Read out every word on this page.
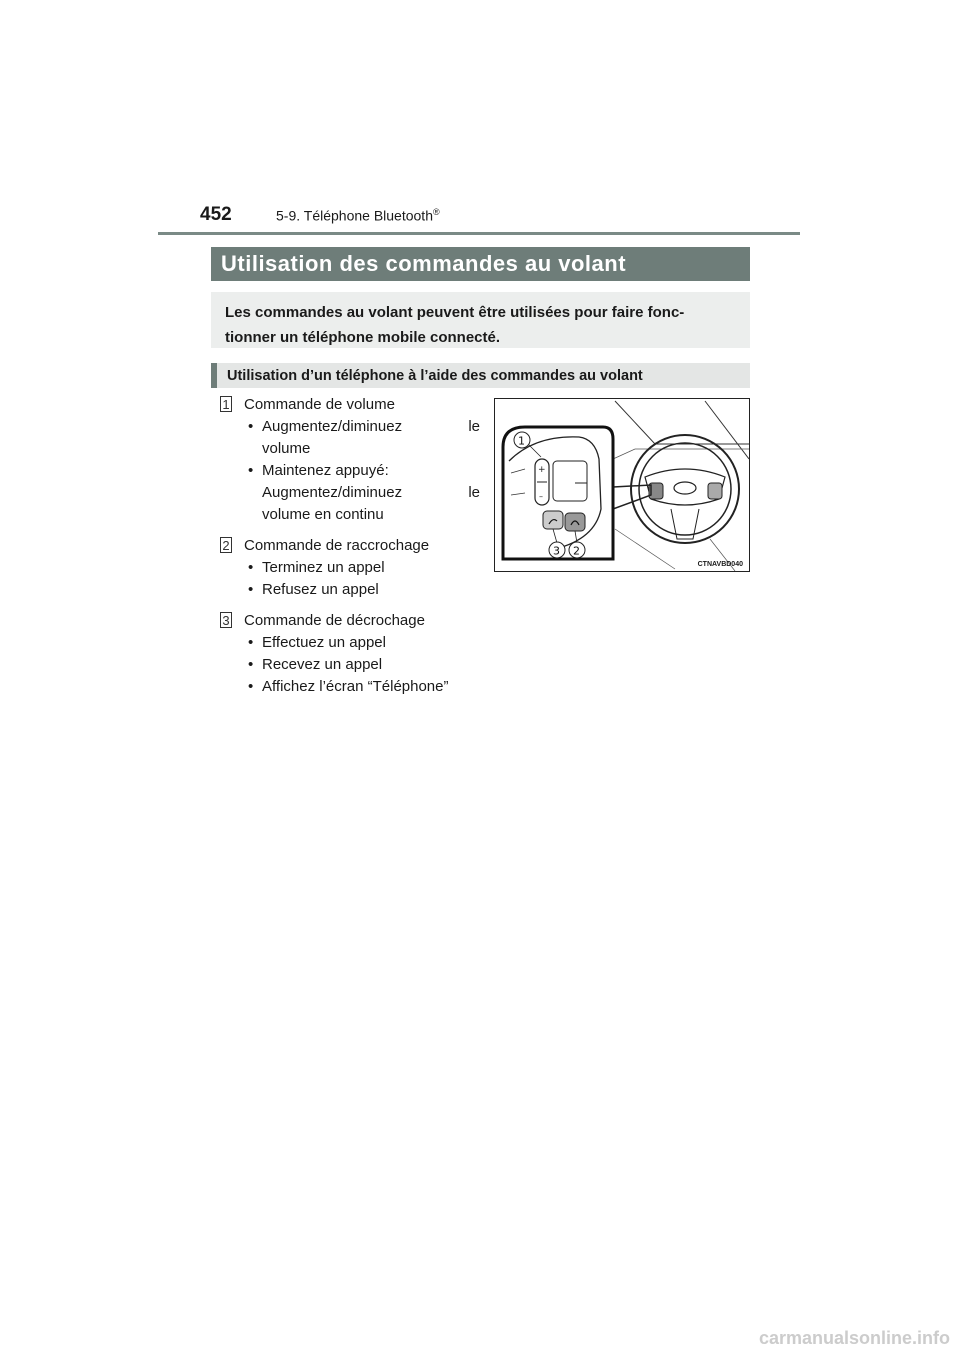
452	5-9. Téléphone Bluetooth®
Utilisation des commandes au volant
Les commandes au volant peuvent être utilisées pour faire fonc-
tionner un téléphone mobile connecté.
Utilisation d’un téléphone à l’aide des commandes au volant
1 Commande de volume
• Augmentez/diminuez	le
volume
• Maintenez appuyé:
Augmentez/diminuez	le
volume en continu
2 Commande de raccrochage
• Terminez un appel
• Refusez un appel
3 Commande de décrochage
• Effectuez un appel
• Recevez un appel
• Affichez l’écran “Téléphone”
+
–
1
3 2
CTNAVBD040
carmanualsonline.info
